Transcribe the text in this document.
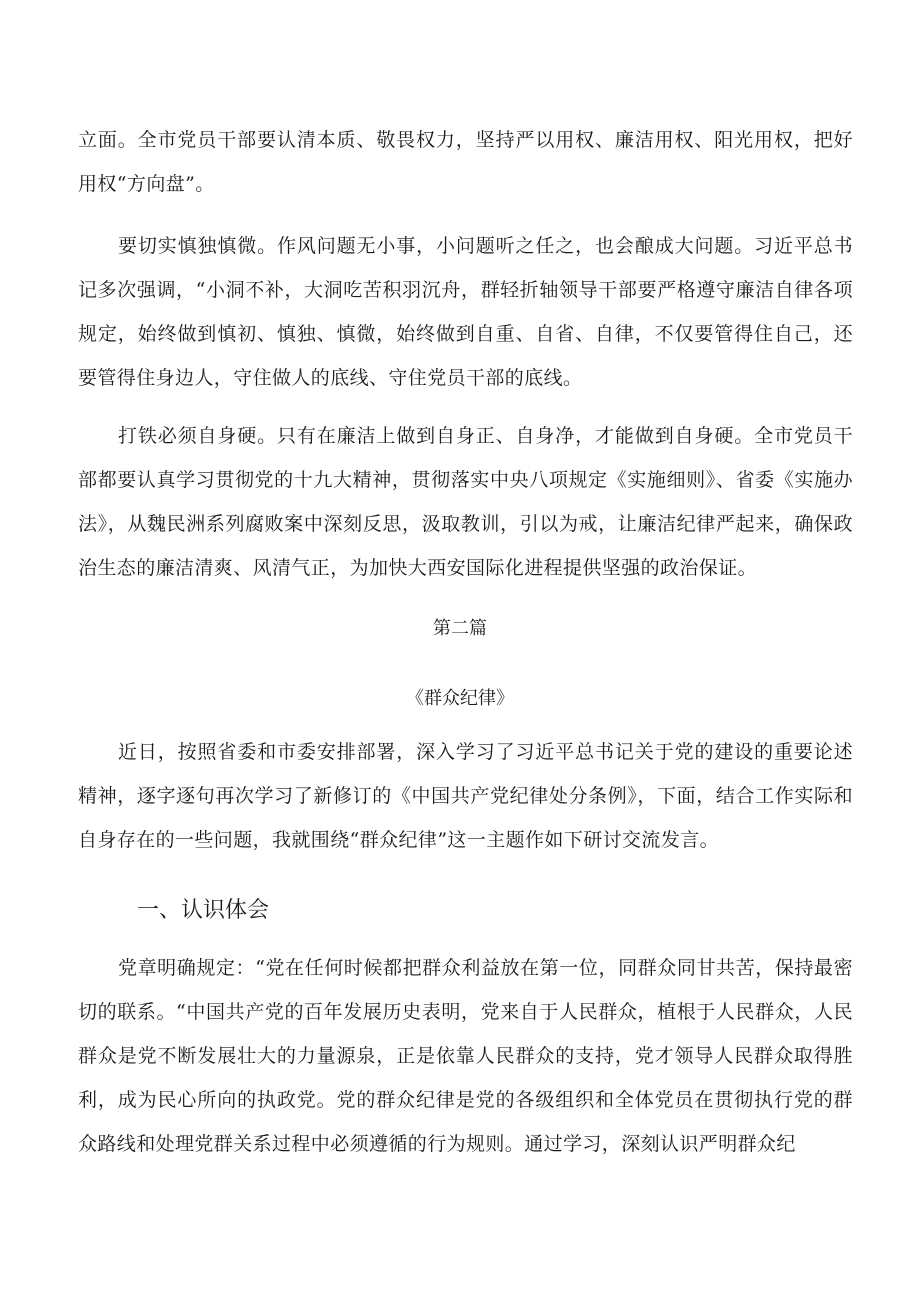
立面。全市党员干部要认清本质、敬畏权力，坚持严以用权、廉洁用权、阳光用权，把好用权“方向盘”。

要切实慎独慎微。作风问题无小事，小问题听之任之，也会酿成大问题。习近平总书记多次强调，“小洞不补，大洞吃苦积羽沉舟，群轻折轴领导干部要严格遵守廉洁自律各项规定，始终做到慎初、慎独、慎微，始终做到自重、自省、自律，不仅要管得住自己，还要管得住身边人，守住做人的底线、守住党员干部的底线。

打铁必须自身硬。只有在廉洁上做到自身正、自身净，才能做到自身硬。全市党员干部都要认真学习贯彻党的十九大精神，贯彻落实中央八项规定《实施细则》、省委《实施办法》，从魏民洲系列腐败案中深刻反思，汲取教训，引以为戒，让廉洁纪律严起来，确保政治生态的廉洁清爽、风清气正，为加快大西安国际化进程提供坚强的政治保证。

第二篇

《群众纪律》

近日，按照省委和市委安排部署，深入学习了习近平总书记关于党的建设的重要论述精神，逐字逐句再次学习了新修订的《中国共产党纪律处分条例》，下面，结合工作实际和自身存在的一些问题，我就围绕“群众纪律”这一主题作如下研讨交流发言。

一、认识体会

党章明确规定：“党在任何时候都把群众利益放在第一位，同群众同甘共苦，保持最密切的联系。“中国共产党的百年发展历史表明，党来自于人民群众，植根于人民群众，人民群众是党不断发展壮大的力量源泉，正是依靠人民群众的支持，党才领导人民群众取得胜利，成为民心所向的执政党。党的群众纪律是党的各级组织和全体党员在贯彻执行党的群众路线和处理党群关系过程中必须遵循的行为规则。通过学习，深刻认识严明群众纪
